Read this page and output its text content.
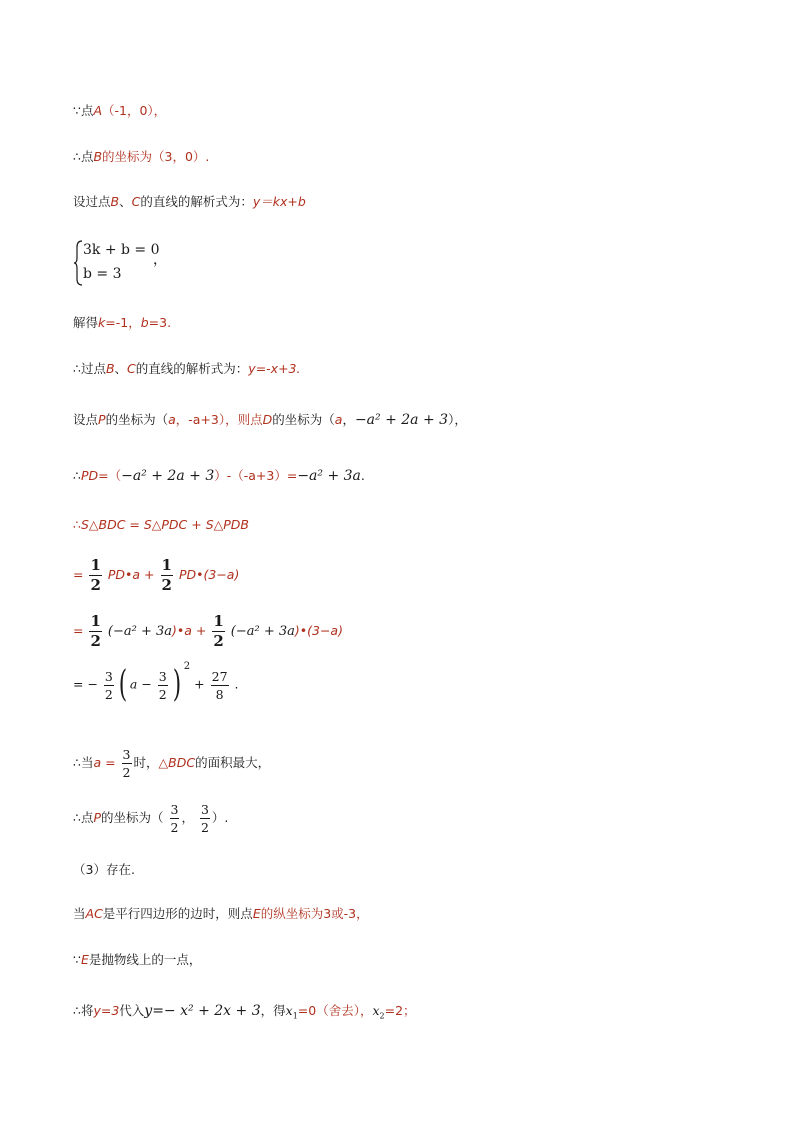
∵点A（-1，0），
∴点B的坐标为（3，0）.
设过点B、C的直线的解析式为：y＝kx+b
3k + b = 0
b = 3
，
解得k=-1，b=3.
∴过点B、C的直线的解析式为：y=-x+3.
设点P的坐标为（a，-a+3），则点D的坐标为（a，−a² + 2a + 3），
∴PD=（−a² + 2a + 3）-（-a+3）=−a² + 3a.
∴S△BDC = S△PDC + S△PDB
= $\frac{1}{2}$ PD•a + $\frac{1}{2}$ PD•(3−a)
= $\frac{1}{2} (-a^2$ + 3a)•a + $\frac{1}{2} (-a^2$ + 3a)•(3−a)
= − $\frac{3}{2}$ ( $a - \frac{3}{2}$ ) $^2 + \frac{27}{8}$ .
∴当$a = \frac{3}{2}$ 时，△BDC的面积最大，
∴点P的坐标为（ $\frac{3}{2}$ ， $\frac{3}{2}$ ）.
（3）存在.
当AC是平行四边形的边时，则点E的纵坐标为3或-3，
∵E是抛物线上的一点，
∴将y=3代入y=− x² + 2x + 3，得$x_1=0$（舍去），$x_2=2$；
